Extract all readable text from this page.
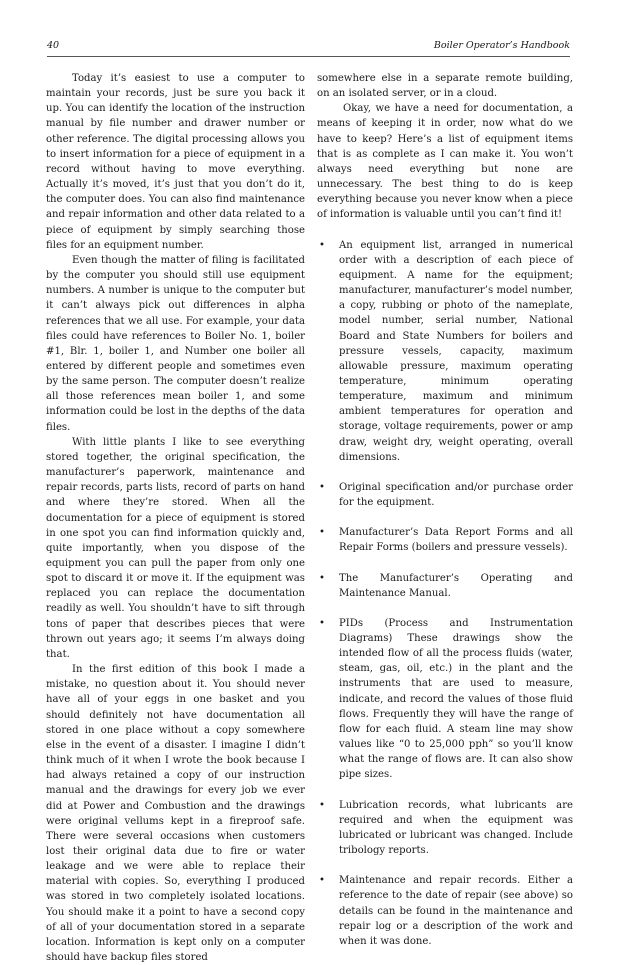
40	Boiler Operator’s Handbook

Today it’s easiest to use a computer to maintain your records, just be sure you back it up. You can identify the location of the instruction manual by file number and drawer number or other reference. The digital processing allows you to insert information for a piece of equipment in a record without having to move everything. Actually it’s moved, it’s just that you don’t do it, the computer does. You can also find maintenance and repair information and other data related to a piece of equipment by simply searching those files for an equipment number.

Even though the matter of filing is facilitated by the computer you should still use equipment numbers. A number is unique to the computer but it can’t always pick out differences in alpha references that we all use. For example, your data files could have references to Boiler No. 1, boiler #1, Blr. 1, boiler 1, and Number one boiler all entered by different people and sometimes even by the same person. The computer doesn’t realize all those references mean boiler 1, and some information could be lost in the depths of the data files.

With little plants I like to see everything stored together, the original specification, the manufacturer’s paperwork, maintenance and repair records, parts lists, record of parts on hand and where they’re stored. When all the documentation for a piece of equipment is stored in one spot you can find information quickly and, quite importantly, when you dispose of the equipment you can pull the paper from only one spot to discard it or move it. If the equipment was replaced you can replace the documentation readily as well. You shouldn’t have to sift through tons of paper that describes pieces that were thrown out years ago; it seems I’m always doing that.

In the first edition of this book I made a mistake, no question about it. You should never have all of your eggs in one basket and you should definitely not have documentation all stored in one place without a copy somewhere else in the event of a disaster. I imagine I didn’t think much of it when I wrote the book because I had always retained a copy of our instruction manual and the drawings for every job we ever did at Power and Combustion and the drawings were original vellums kept in a fireproof safe. There were several occasions when customers lost their original data due to fire or water leakage and we were able to replace their material with copies. So, everything I produced was stored in two completely isolated locations. You should make it a point to have a second copy of all of your documentation stored in a separate location. Information is kept only on a computer should have backup files stored

somewhere else in a separate remote building, on an isolated server, or in a cloud.

Okay, we have a need for documentation, a means of keeping it in order, now what do we have to keep? Here’s a list of equipment items that is as complete as I can make it. You won’t always need everything but none are unnecessary. The best thing to do is keep everything because you never know when a piece of information is valuable until you can’t find it!

• An equipment list, arranged in numerical order with a description of each piece of equipment. A name for the equipment; manufacturer, manufacturer’s model number, a copy, rubbing or photo of the nameplate, model number, serial number, National Board and State Numbers for boilers and pressure vessels, capacity, maximum allowable pressure, maximum operating temperature, minimum operating temperature, maximum and minimum ambient temperatures for operation and storage, voltage requirements, power or amp draw, weight dry, weight operating, overall dimensions.
• Original specification and/or purchase order for the equipment.
• Manufacturer’s Data Report Forms and all Repair Forms (boilers and pressure vessels).
• The Manufacturer’s Operating and Maintenance Manual.
• PIDs (Process and Instrumentation Diagrams) These drawings show the intended flow of all the process fluids (water, steam, gas, oil, etc.) in the plant and the instruments that are used to measure, indicate, and record the values of those fluid flows. Frequently they will have the range of flow for each fluid. A steam line may show values like “0 to 25,000 pph” so you’ll know what the range of flows are. It can also show pipe sizes.
• Lubrication records, what lubricants are required and when the equipment was lubricated or lubricant was changed. Include tribology reports.
• Maintenance and repair records. Either a reference to the date of repair (see above) so details can be found in the maintenance and repair log or a description of the work and when it was done.
